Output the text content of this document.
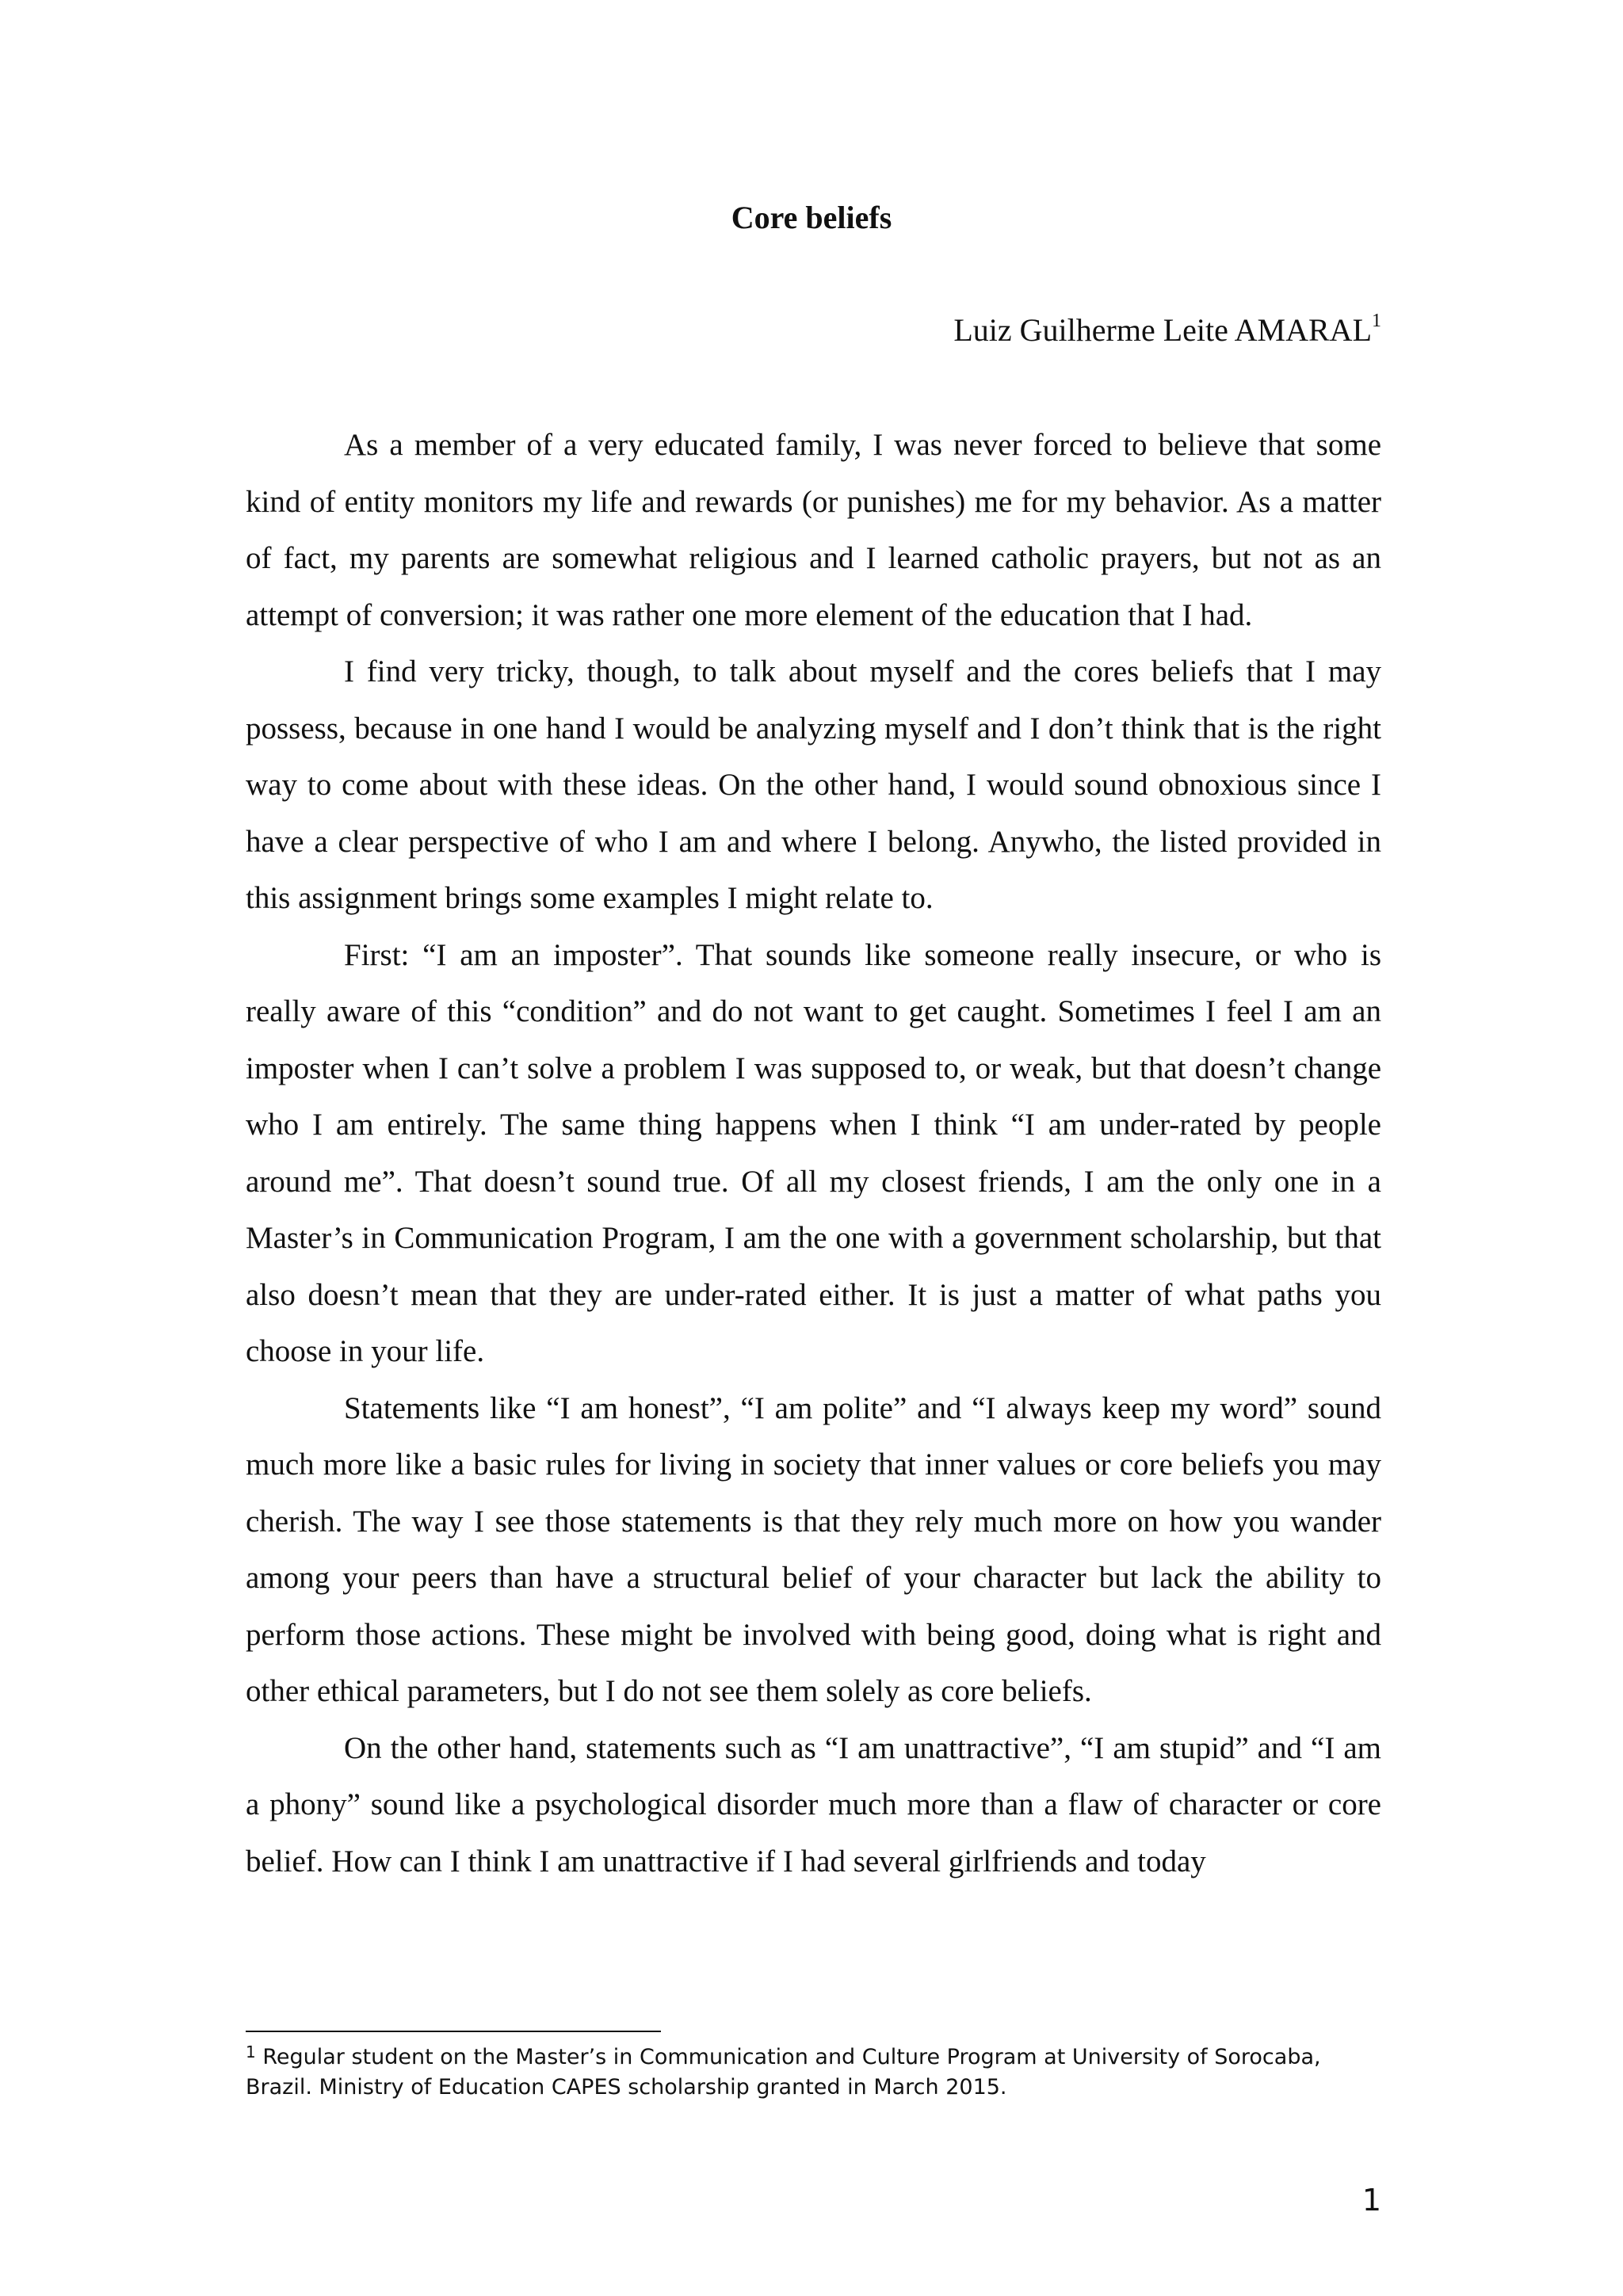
Core beliefs
Luiz Guilherme Leite AMARAL$^1$

As a member of a very educated family, I was never forced to believe that some kind of entity monitors my life and rewards (or punishes) me for my behavior. As a matter of fact, my parents are somewhat religious and I learned catholic prayers, but not as an attempt of conversion; it was rather one more element of the education that I had.

I find very tricky, though, to talk about myself and the cores beliefs that I may possess, because in one hand I would be analyzing myself and I don’t think that is the right way to come about with these ideas. On the other hand, I would sound obnoxious since I have a clear perspective of who I am and where I belong. Anywho, the listed provided in this assignment brings some examples I might relate to.

First: “I am an imposter”. That sounds like someone really insecure, or who is really aware of this “condition” and do not want to get caught. Sometimes I feel I am an imposter when I can’t solve a problem I was supposed to, or weak, but that doesn’t change who I am entirely. The same thing happens when I think “I am under-rated by people around me”. That doesn’t sound true. Of all my closest friends, I am the only one in a Master’s in Communication Program, I am the one with a government scholarship, but that also doesn’t mean that they are under-rated either. It is just a matter of what paths you choose in your life.

Statements like “I am honest”, “I am polite” and “I always keep my word” sound much more like a basic rules for living in society that inner values or core beliefs you may cherish. The way I see those statements is that they rely much more on how you wander among your peers than have a structural belief of your character but lack the ability to perform those actions. These might be involved with being good, doing what is right and other ethical parameters, but I do not see them solely as core beliefs.

On the other hand, statements such as “I am unattractive”, “I am stupid” and “I am a phony” sound like a psychological disorder much more than a flaw of character or core belief. How can I think I am unattractive if I had several girlfriends and today

$^1$ Regular student on the Master’s in Communication and Culture Program at University of Sorocaba, Brazil. Ministry of Education CAPES scholarship granted in March 2015.

1
